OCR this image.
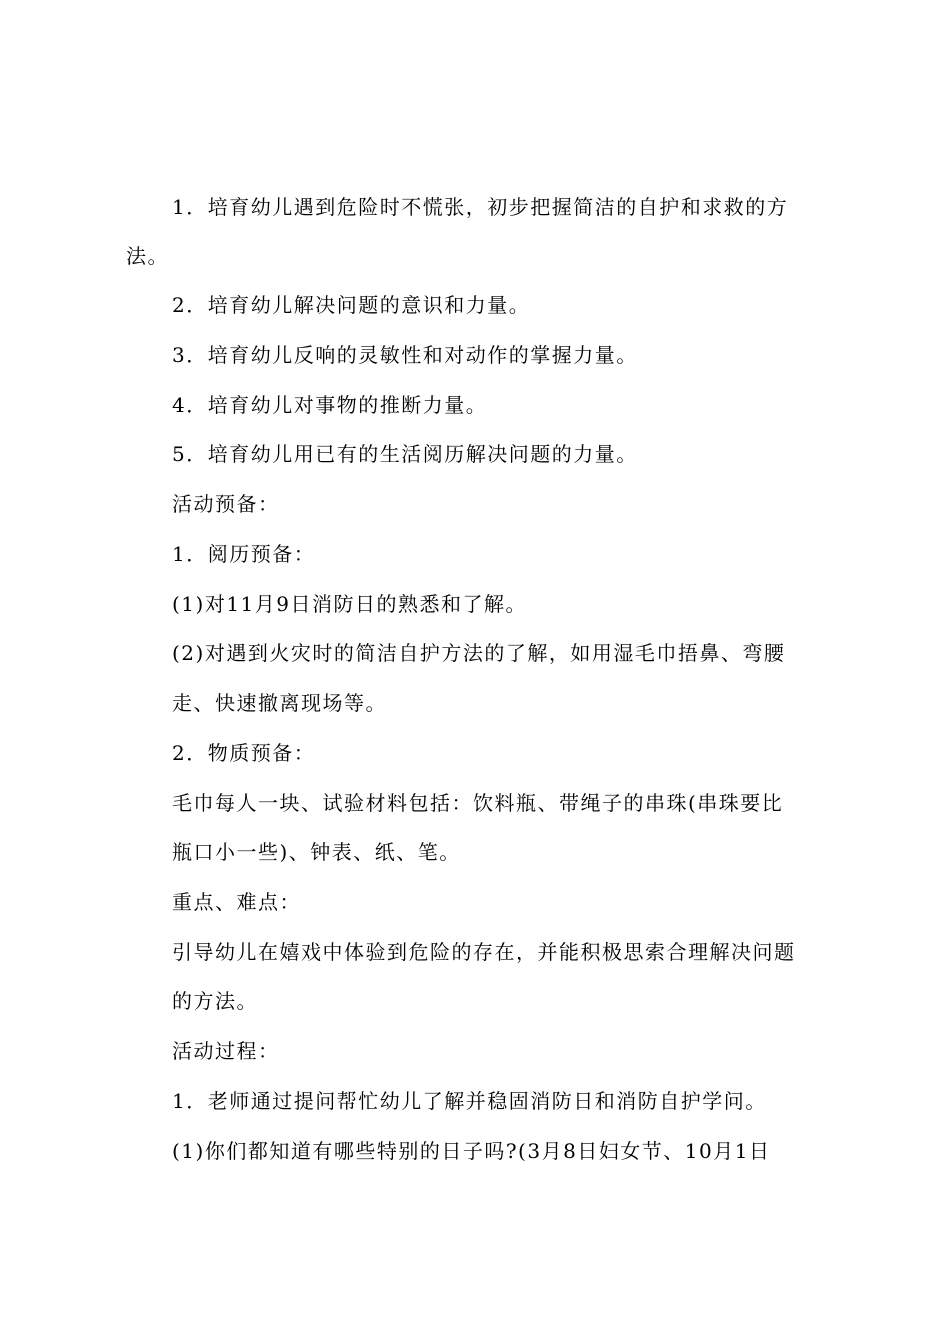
1．培育幼儿遇到危险时不慌张，初步把握简洁的自护和求救的方
法。
2．培育幼儿解决问题的意识和力量。
3．培育幼儿反响的灵敏性和对动作的掌握力量。
4．培育幼儿对事物的推断力量。
5．培育幼儿用已有的生活阅历解决问题的力量。
活动预备：
1．阅历预备：
(1)对11月9日消防日的熟悉和了解。
(2)对遇到火灾时的简洁自护方法的了解，如用湿毛巾捂鼻、弯腰
走、快速撤离现场等。
2．物质预备：
毛巾每人一块、试验材料包括：饮料瓶、带绳子的串珠(串珠要比
瓶口小一些)、钟表、纸、笔。
重点、难点：
引导幼儿在嬉戏中体验到危险的存在，并能积极思索合理解决问题
的方法。
活动过程：
1．老师通过提问帮忙幼儿了解并稳固消防日和消防自护学问。
(1)你们都知道有哪些特别的日子吗?(3月8日妇女节、10月1日
